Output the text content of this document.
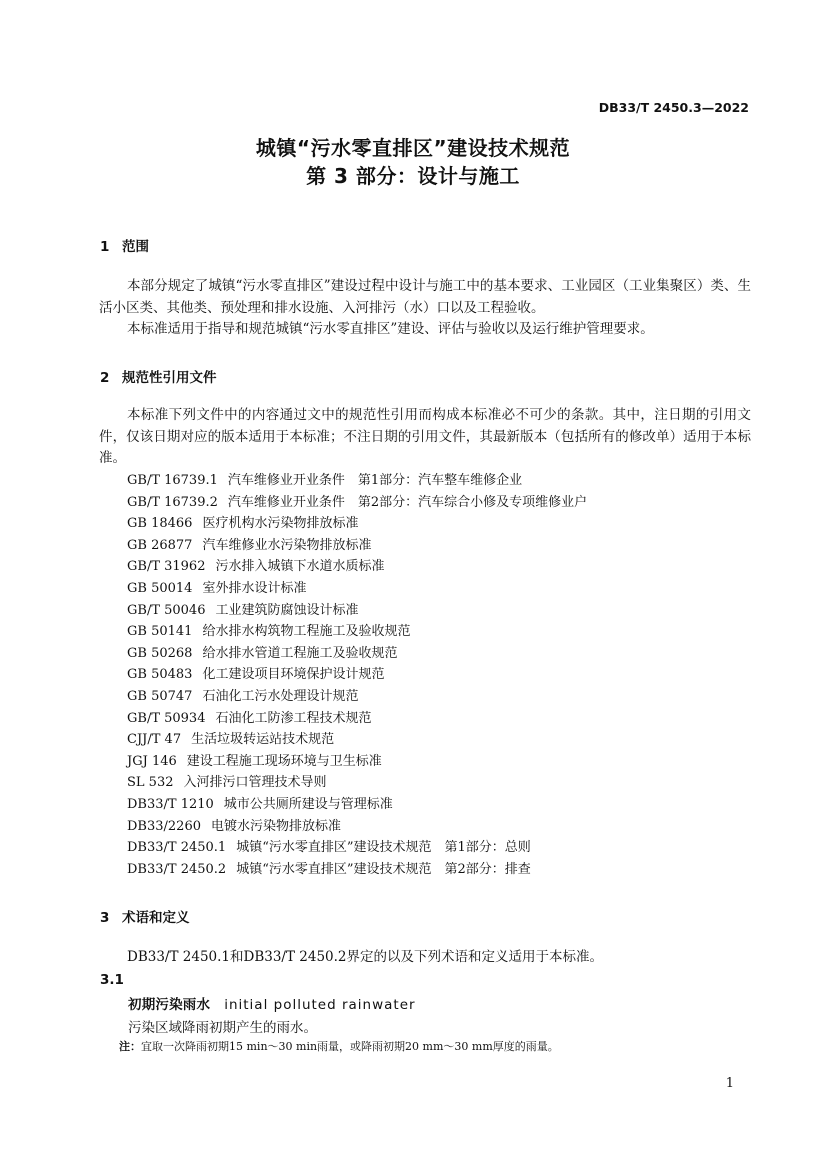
DB33/T 2450.3—2022
城镇“污水零直排区”建设技术规范
第 3 部分：设计与施工
1 范围

本部分规定了城镇“污水零直排区”建设过程中设计与施工中的基本要求、工业园区（工业集聚区）类、生活小区类、其他类、预处理和排水设施、入河排污（水）口以及工程验收。

本标准适用于指导和规范城镇“污水零直排区”建设、评估与验收以及运行维护管理要求。

2 规范性引用文件

本标准下列文件中的内容通过文中的规范性引用而构成本标准必不可少的条款。其中，注日期的引用文件，仅该日期对应的版本适用于本标准；不注日期的引用文件，其最新版本（包括所有的修改单）适用于本标准。

GB/T 16739.1 汽车维修业开业条件　第1部分：汽车整车维修企业
GB/T 16739.2 汽车维修业开业条件　第2部分：汽车综合小修及专项维修业户
GB 18466 医疗机构水污染物排放标准
GB 26877 汽车维修业水污染物排放标准
GB/T 31962 污水排入城镇下水道水质标准
GB 50014 室外排水设计标准
GB/T 50046 工业建筑防腐蚀设计标准
GB 50141 给水排水构筑物工程施工及验收规范
GB 50268 给水排水管道工程施工及验收规范
GB 50483 化工建设项目环境保护设计规范
GB 50747 石油化工污水处理设计规范
GB/T 50934 石油化工防渗工程技术规范
CJJ/T 47 生活垃圾转运站技术规范
JGJ 146 建设工程施工现场环境与卫生标准
SL 532 入河排污口管理技术导则
DB33/T 1210 城市公共厕所建设与管理标准
DB33/2260 电镀水污染物排放标准
DB33/T 2450.1 城镇“污水零直排区”建设技术规范　第1部分：总则
DB33/T 2450.2 城镇“污水零直排区”建设技术规范　第2部分：排查
3 术语和定义

DB33/T 2450.1和DB33/T 2450.2界定的以及下列术语和定义适用于本标准。

3.1
初期污染雨水 initial polluted rainwater
污染区域降雨初期产生的雨水。
注：宜取一次降雨初期15 min～30 min雨量，或降雨初期20 mm～30 mm厚度的雨量。
1
